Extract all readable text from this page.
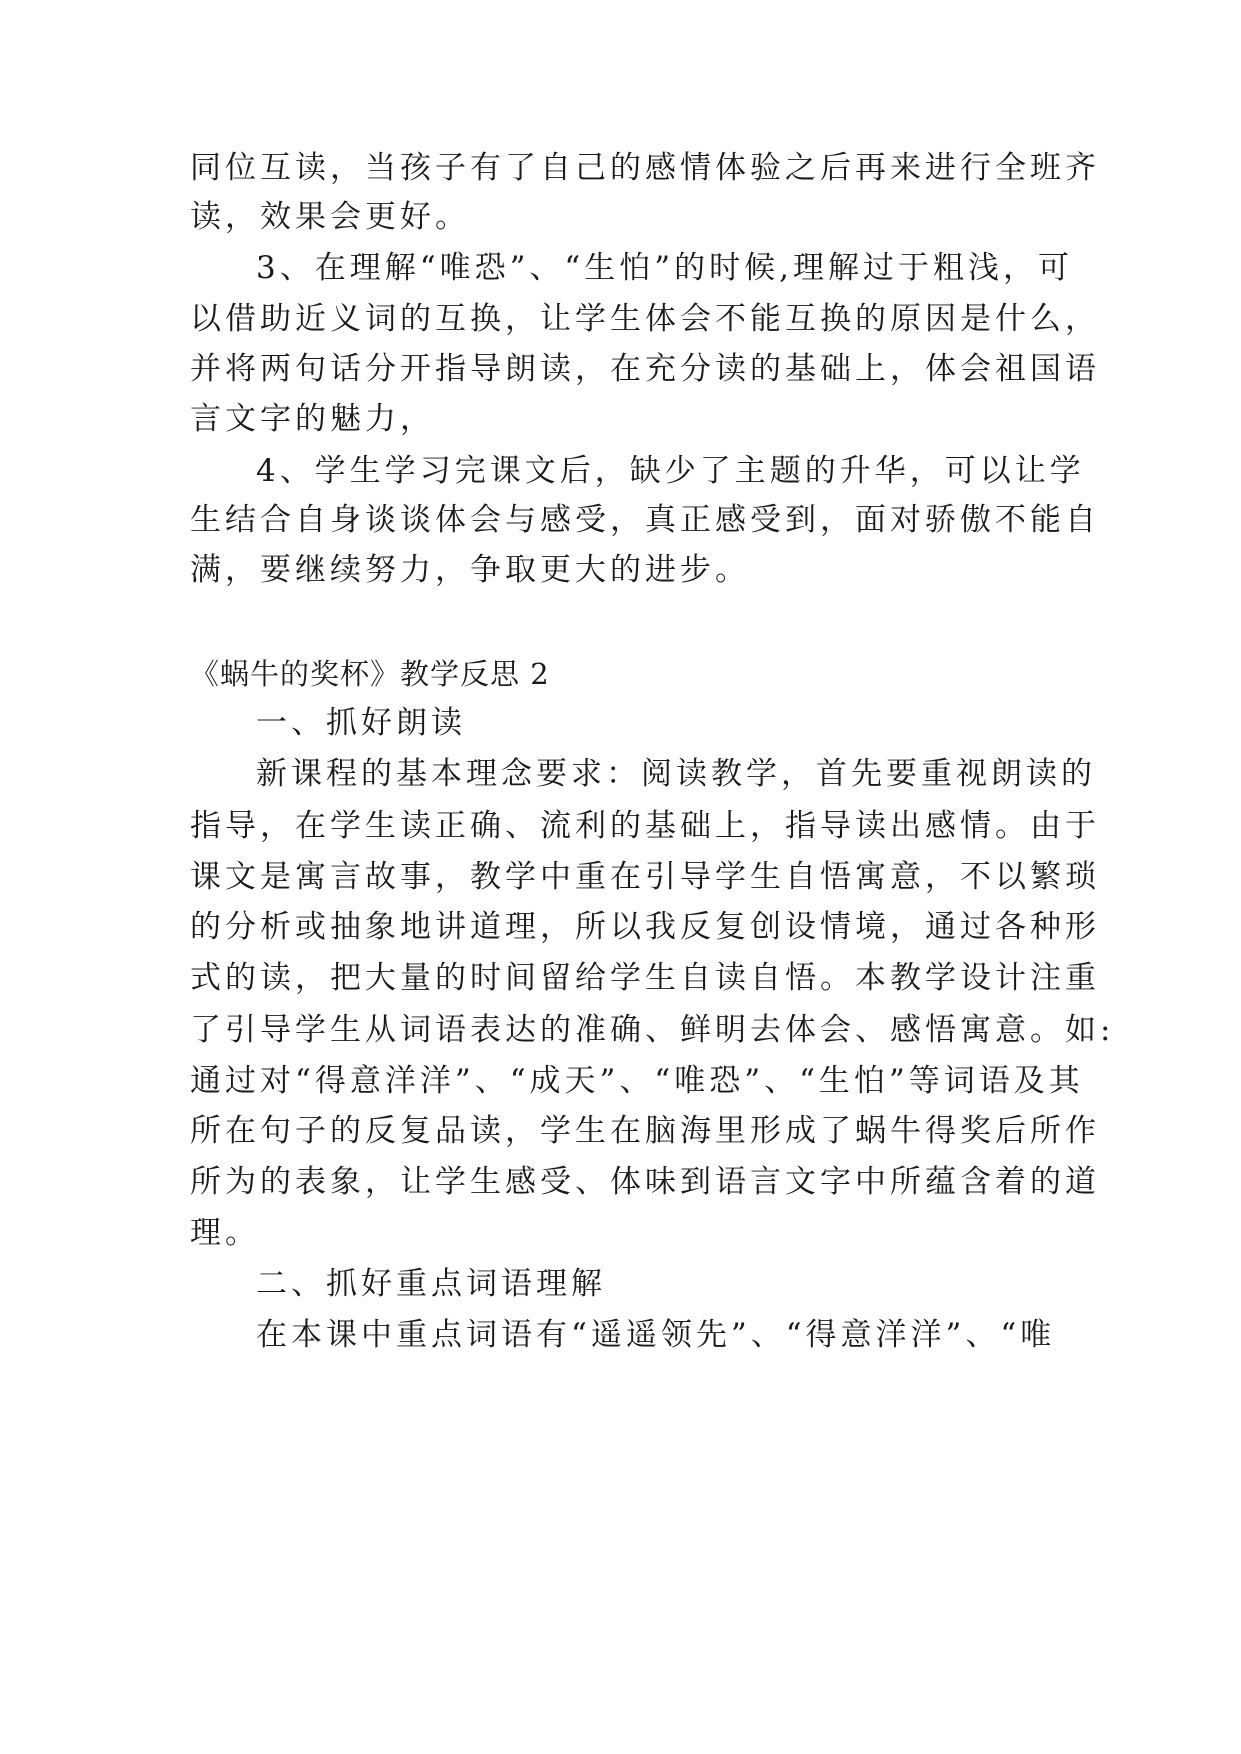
同位互读，当孩子有了自己的感情体验之后再来进行全班齐
读，效果会更好。
3、在理解“唯恐”、“生怕”的时候,理解过于粗浅，可
以借助近义词的互换，让学生体会不能互换的原因是什么，
并将两句话分开指导朗读，在充分读的基础上，体会祖国语
言文字的魅力，
4、学生学习完课文后，缺少了主题的升华，可以让学
生结合自身谈谈体会与感受，真正感受到，面对骄傲不能自
满，要继续努力，争取更大的进步。
《蜗牛的奖杯》教学反思 2
一、抓好朗读
新课程的基本理念要求：阅读教学，首先要重视朗读的
指导，在学生读正确、流利的基础上，指导读出感情。由于
课文是寓言故事，教学中重在引导学生自悟寓意，不以繁琐
的分析或抽象地讲道理，所以我反复创设情境，通过各种形
式的读，把大量的时间留给学生自读自悟。本教学设计注重
了引导学生从词语表达的准确、鲜明去体会、感悟寓意。如:
通过对“得意洋洋”、“成天”、“唯恐”、“生怕”等词语及其
所在句子的反复品读，学生在脑海里形成了蜗牛得奖后所作
所为的表象，让学生感受、体味到语言文字中所蕴含着的道
理。
二、抓好重点词语理解
在本课中重点词语有“遥遥领先”、“得意洋洋”、“唯
